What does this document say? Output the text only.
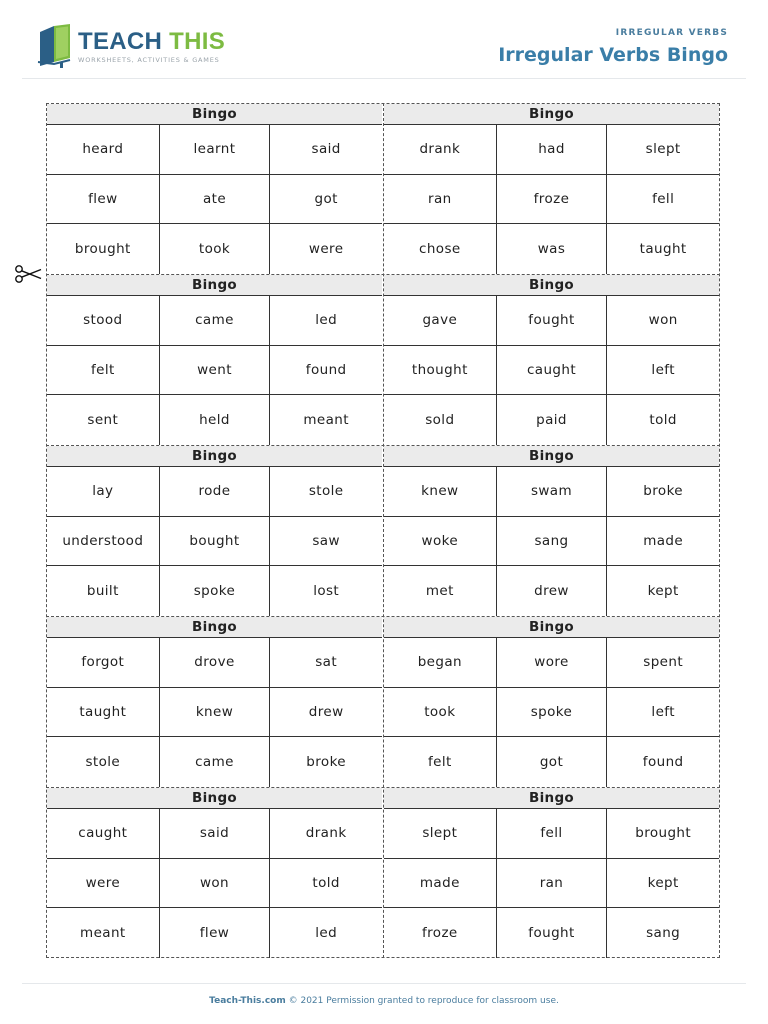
TEACH THIS
WORKSHEETS, ACTIVITIES & GAMES
IRREGULAR VERBS
Irregular Verbs Bingo
Bingo
heard	learnt	said
flew	ate	got
brought	took	were
Bingo
drank	had	slept
ran	froze	fell
chose	was	taught
Bingo
stood	came	led
felt	went	found
sent	held	meant
Bingo
gave	fought	won
thought	caught	left
sold	paid	told
Bingo
lay	rode	stole
understood	bought	saw
built	spoke	lost
Bingo
knew	swam	broke
woke	sang	made
met	drew	kept
Bingo
forgot	drove	sat
taught	knew	drew
stole	came	broke
Bingo
began	wore	spent
took	spoke	left
felt	got	found
Bingo
caught	said	drank
were	won	told
meant	flew	led
Bingo
slept	fell	brought
made	ran	kept
froze	fought	sang
Teach-This.com © 2021 Permission granted to reproduce for classroom use.
